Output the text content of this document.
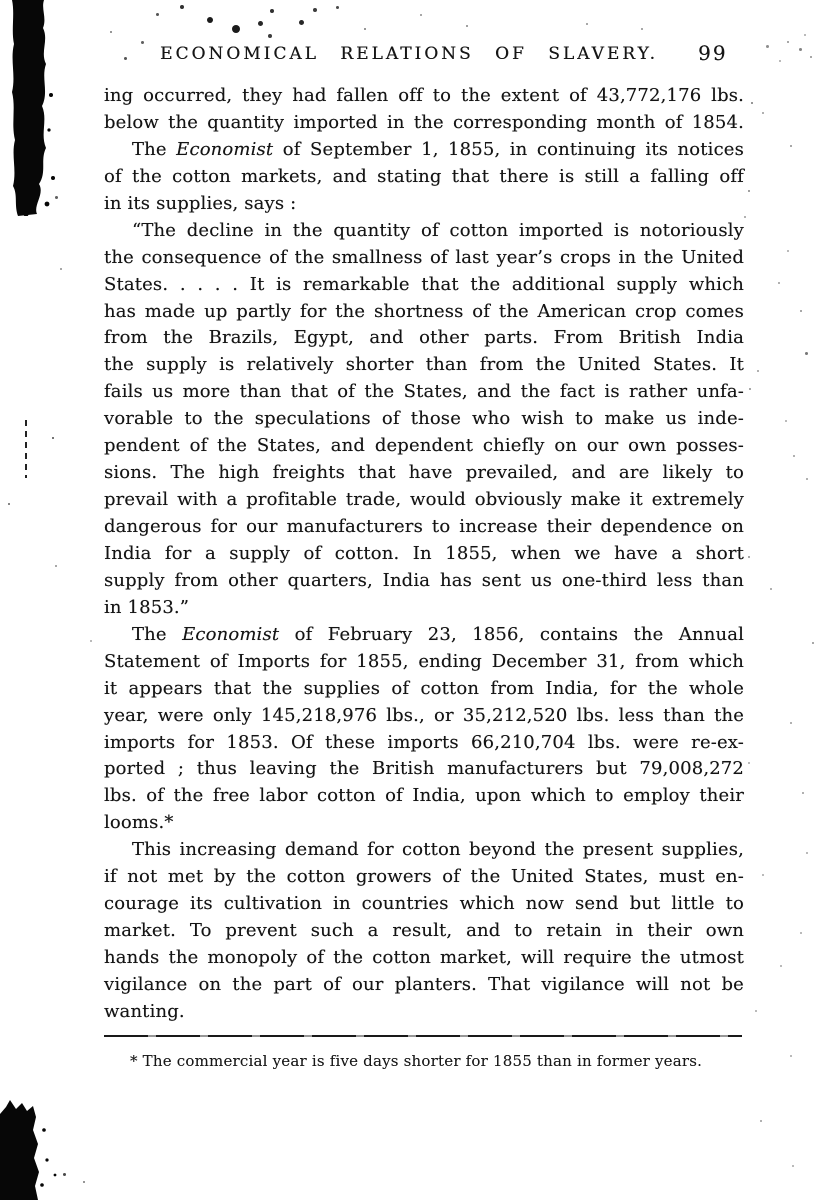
ECONOMICAL RELATIONS OF SLAVERY.	99
ing occurred, they had fallen off to the extent of 43,772,176 lbs.
below the quantity imported in the corresponding month of 1854.
The Economist of September 1, 1855, in continuing its notices
of the cotton markets, and stating that there is still a falling off
in its supplies, says :
“The decline in the quantity of cotton imported is notoriously
the consequence of the smallness of last year’s crops in the United
States. . . . . It is remarkable that the additional supply which
has made up partly for the shortness of the American crop comes
from the Brazils, Egypt, and other parts. From British India
the supply is relatively shorter than from the United States. It
fails us more than that of the States, and the fact is rather unfa-
vorable to the speculations of those who wish to make us inde-
pendent of the States, and dependent chiefly on our own posses-
sions. The high freights that have prevailed, and are likely to
prevail with a profitable trade, would obviously make it extremely
dangerous for our manufacturers to increase their dependence on
India for a supply of cotton. In 1855, when we have a short
supply from other quarters, India has sent us one-third less than
in 1853.”
The Economist of February 23, 1856, contains the Annual
Statement of Imports for 1855, ending December 31, from which
it appears that the supplies of cotton from India, for the whole
year, were only 145,218,976 lbs., or 35,212,520 lbs. less than the
imports for 1853. Of these imports 66,210,704 lbs. were re-ex-
ported ; thus leaving the British manufacturers but 79,008,272
lbs. of the free labor cotton of India, upon which to employ their
looms.*
This increasing demand for cotton beyond the present supplies,
if not met by the cotton growers of the United States, must en-
courage its cultivation in countries which now send but little to
market. To prevent such a result, and to retain in their own
hands the monopoly of the cotton market, will require the utmost
vigilance on the part of our planters. That vigilance will not be
wanting.
* The commercial year is five days shorter for 1855 than in former years.
